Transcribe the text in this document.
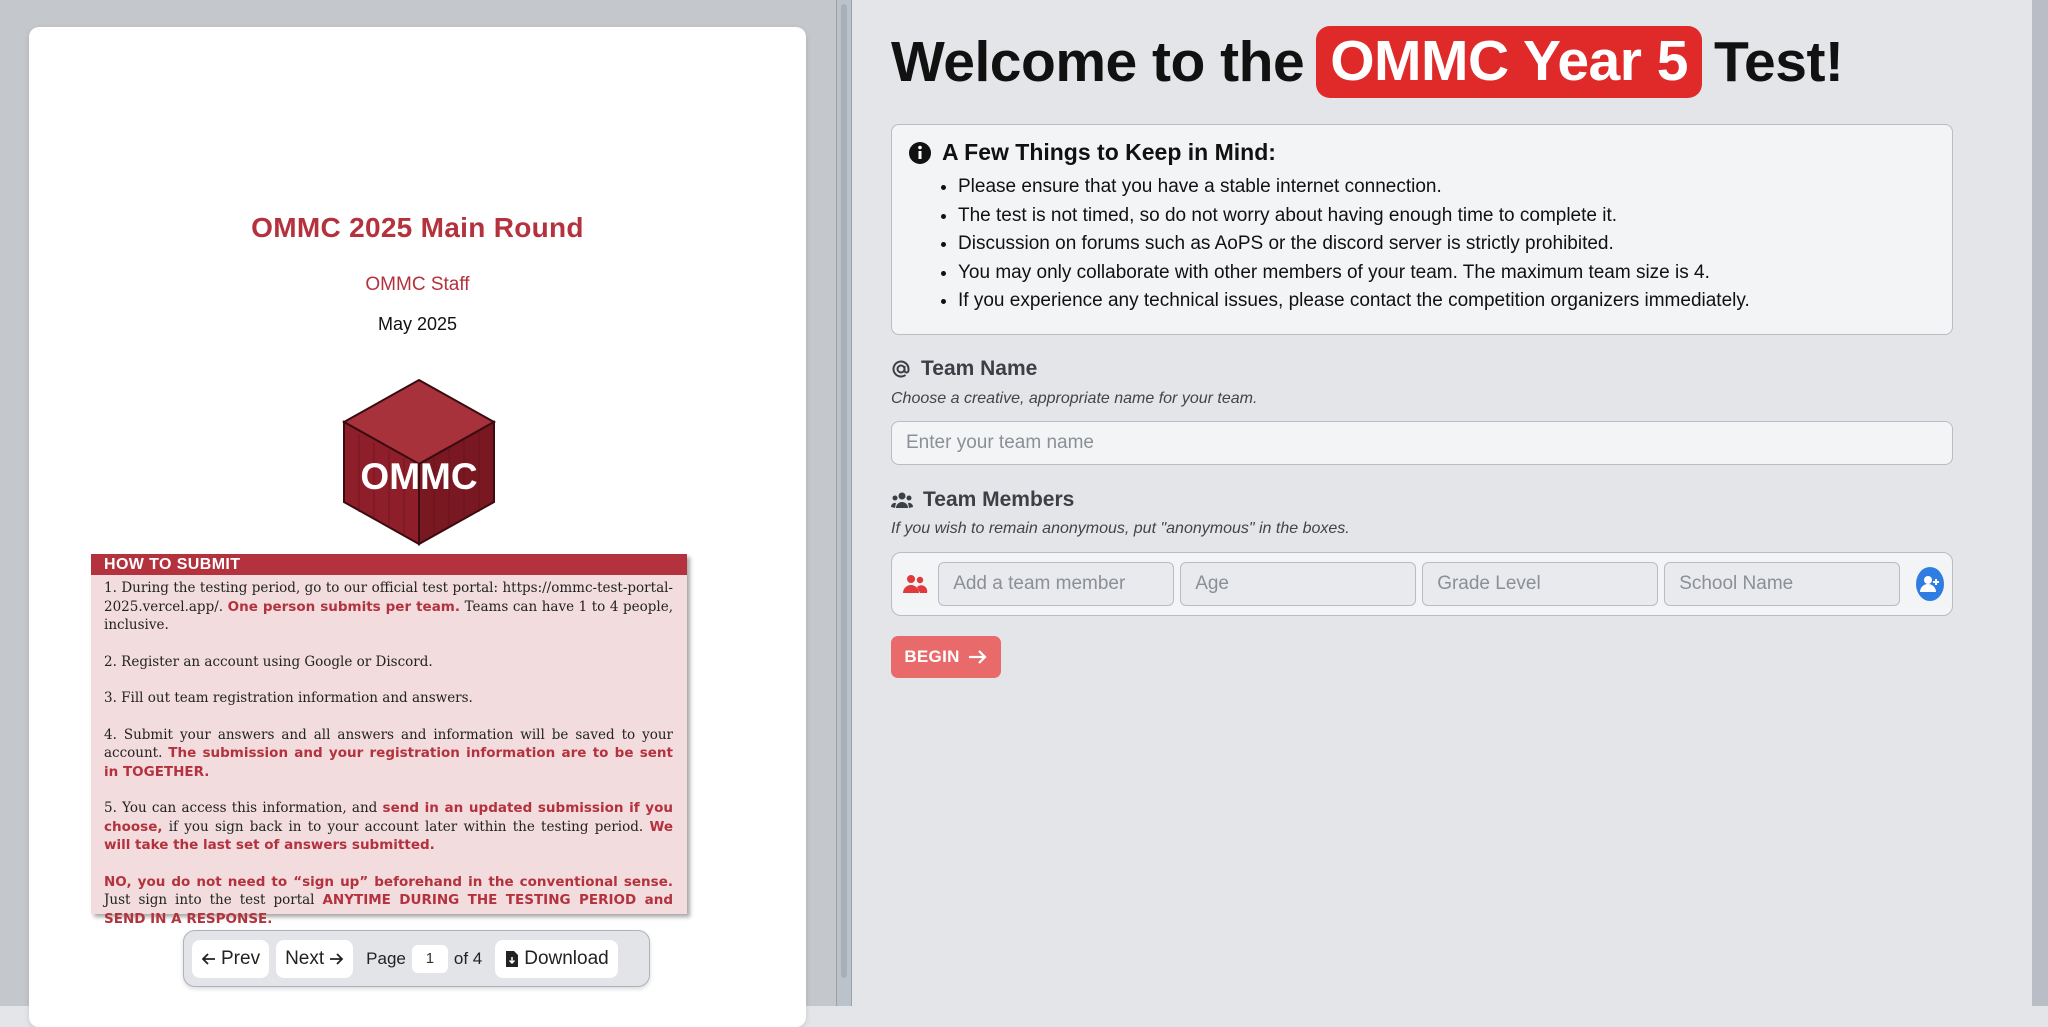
OMMC 2025 Main Round
OMMC Staff
May 2025
OMMC
HOW TO SUBMIT

1. During the testing period, go to our official test portal: https://ommc-test-portal-2025.vercel.app/. One person submits per team. Teams can have 1 to 4 people, inclusive.

2. Register an account using Google or Discord.

3. Fill out team registration information and answers.

4. Submit your answers and all answers and information will be saved to your account. The submission and your registration information are to be sent in TOGETHER.

5. You can access this information, and send in an updated submission if you choose, if you sign back in to your account later within the testing period. We will take the last set of answers submitted.

NO, you do not need to “sign up” beforehand in the conventional sense. Just sign into the test portal ANYTIME DURING THE TESTING PERIOD and SEND IN A RESPONSE.

Prev Next Page
1	of 4 Download
Welcome to the OMMC Year 5 Test!
A Few Things to Keep in Mind:
• Please ensure that you have a stable internet connection.
• The test is not timed, so do not worry about having enough time to complete it.
• Discussion on forums such as AoPS or the discord server is strictly prohibited.
• You may only collaborate with other members of your team. The maximum team size is 4.
• If you experience any technical issues, please contact the competition organizers immediately.
Team Name
Choose a creative, appropriate name for your team.
Enter your team name
Team Members
If you wish to remain anonymous, put "anonymous" in the boxes.
Add a team member
Age
Grade Level
School Name
BEGIN
